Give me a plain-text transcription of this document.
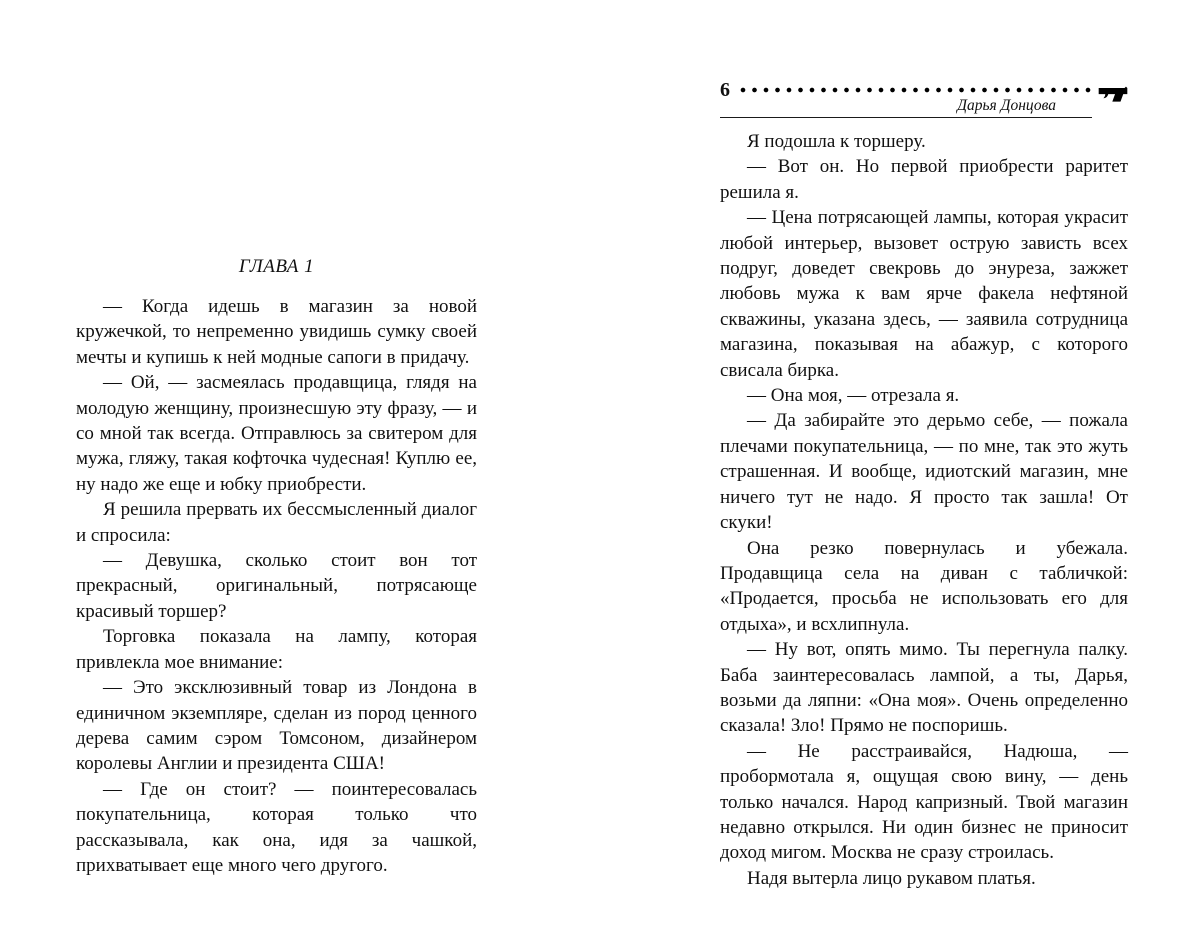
ГЛАВА 1

— Когда идешь в магазин за новой кружечкой, то непременно увидишь сумку своей мечты и купишь к ней модные сапоги в придачу.

— Ой, — засмеялась продавщица, глядя на молодую женщину, произнесшую эту фразу, — и со мной так всегда. Отправлюсь за свитером для мужа, гляжу, такая кофточка чудесная! Куплю ее, ну надо же еще и юбку приобрести.

Я решила прервать их бессмысленный диалог и спросила:

— Девушка, сколько стоит вон тот прекрасный, оригинальный, потрясающе красивый торшер?

Торговка показала на лампу, которая привлекла мое внимание:

— Это эксклюзивный товар из Лондона в единичном экземпляре, сделан из пород ценного дерева самим сэром Томсоном, дизайнером королевы Англии и президента США!

— Где он стоит? — поинтересовалась покупательница, которая только что рассказывала, как она, идя за чашкой, прихватывает еще много чего другого.

6
Дарья Донцова

Я подошла к торшеру.

— Вот он. Но первой приобрести раритет решила я.

— Цена потрясающей лампы, которая украсит любой интерьер, вызовет острую зависть всех подруг, доведет свекровь до энуреза, зажжет любовь мужа к вам ярче факела нефтяной скважины, указана здесь, — заявила сотрудница магазина, показывая на абажур, с которого свисала бирка.

— Она моя, — отрезала я.

— Да забирайте это дерьмо себе, — пожала плечами покупательница, — по мне, так это жуть страшенная. И вообще, идиотский магазин, мне ничего тут не надо. Я просто так зашла! От скуки!

Она резко повернулась и убежала. Продавщица села на диван с табличкой: «Продается, просьба не использовать его для отдыха», и всхлипнула.

— Ну вот, опять мимо. Ты перегнула палку. Баба заинтересовалась лампой, а ты, Дарья, возьми да ляпни: «Она моя». Очень определенно сказала! Зло! Прямо не поспоришь.

— Не расстраивайся, Надюша, — пробормотала я, ощущая свою вину, — день только начался. Народ капризный. Твой магазин недавно открылся. Ни один бизнес не приносит доход мигом. Москва не сразу строилась.

Надя вытерла лицо рукавом платья.
